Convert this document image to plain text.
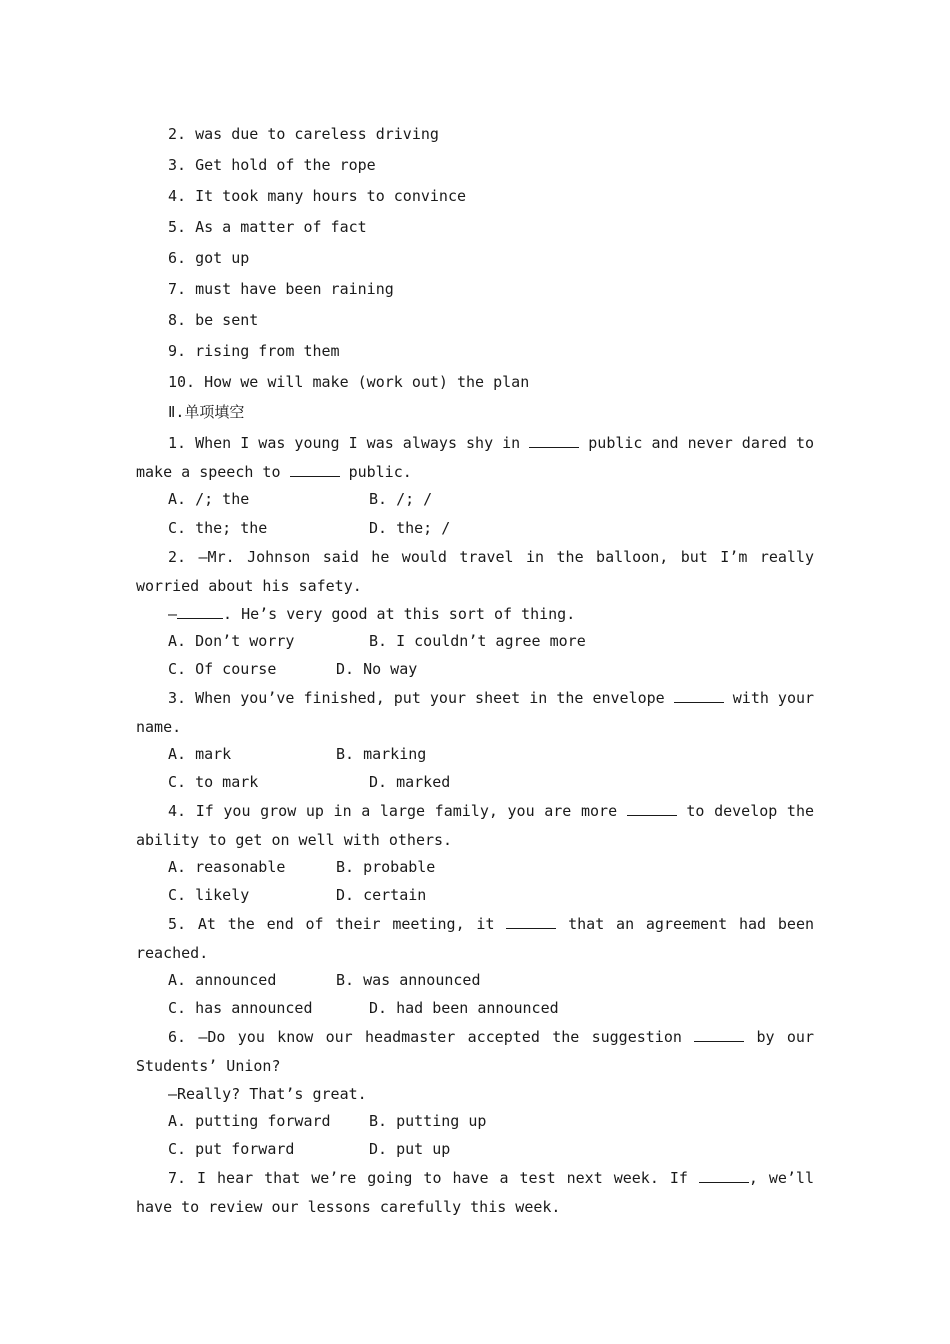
2. was due to careless driving
3. Get hold of the rope
4. It took many hours to convince
5. As a matter of fact
6. got up
7. must have been raining
8. be sent
9. rising from them
10. How we will make (work out) the plan
Ⅱ.单项填空
1. When I was young I was always shy in	public and never dared to
make a speech to	public.
A. /; the	B. /; /
C. the; the	D. the; /
2. —Mr. Johnson said he would travel in the balloon, but I’m really
worried about his safety.
—	. He’s very good at this sort of thing.
A. Don’t worry	B. I couldn’t agree more
C. Of course	D. No way
3. When you’ve finished, put your sheet in the envelope	with your
name.
A. mark	B. marking
C. to mark	D. marked
4. If you grow up in a large family, you are more	to develop the
ability to get on well with others.
A. reasonable	B. probable
C. likely	D. certain
5. At the end of their meeting, it	that an agreement had been
reached.
A. announced	B. was announced
C. has announced	D. had been announced
6. —Do you know our headmaster accepted the suggestion	by our
Students’ Union?
—Really? That’s great.
A. putting forward	B. putting up
C. put forward	D. put up
7. I hear that we’re going to have a test next week. If	, we’ll
have to review our lessons carefully this week.
